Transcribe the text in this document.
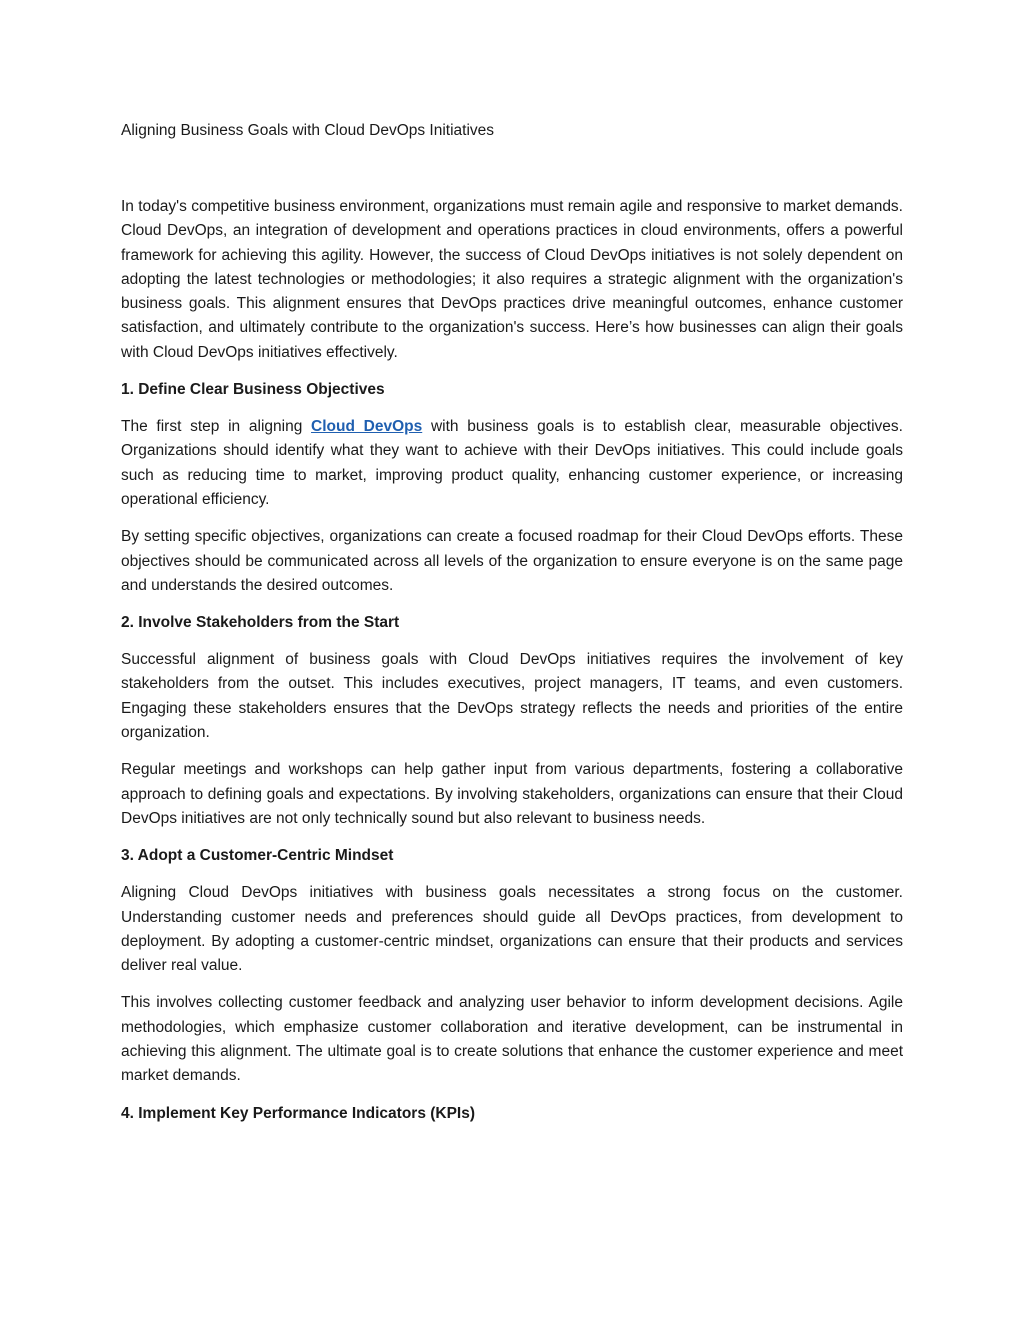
Aligning Business Goals with Cloud DevOps Initiatives

In today's competitive business environment, organizations must remain agile and responsive to market demands. Cloud DevOps, an integration of development and operations practices in cloud environments, offers a powerful framework for achieving this agility. However, the success of Cloud DevOps initiatives is not solely dependent on adopting the latest technologies or methodologies; it also requires a strategic alignment with the organization's business goals. This alignment ensures that DevOps practices drive meaningful outcomes, enhance customer satisfaction, and ultimately contribute to the organization's success. Here’s how businesses can align their goals with Cloud DevOps initiatives effectively.

1. Define Clear Business Objectives

The first step in aligning Cloud DevOps with business goals is to establish clear, measurable objectives. Organizations should identify what they want to achieve with their DevOps initiatives. This could include goals such as reducing time to market, improving product quality, enhancing customer experience, or increasing operational efficiency.

By setting specific objectives, organizations can create a focused roadmap for their Cloud DevOps efforts. These objectives should be communicated across all levels of the organization to ensure everyone is on the same page and understands the desired outcomes.

2. Involve Stakeholders from the Start

Successful alignment of business goals with Cloud DevOps initiatives requires the involvement of key stakeholders from the outset. This includes executives, project managers, IT teams, and even customers. Engaging these stakeholders ensures that the DevOps strategy reflects the needs and priorities of the entire organization.

Regular meetings and workshops can help gather input from various departments, fostering a collaborative approach to defining goals and expectations. By involving stakeholders, organizations can ensure that their Cloud DevOps initiatives are not only technically sound but also relevant to business needs.

3. Adopt a Customer-Centric Mindset

Aligning Cloud DevOps initiatives with business goals necessitates a strong focus on the customer. Understanding customer needs and preferences should guide all DevOps practices, from development to deployment. By adopting a customer-centric mindset, organizations can ensure that their products and services deliver real value.

This involves collecting customer feedback and analyzing user behavior to inform development decisions. Agile methodologies, which emphasize customer collaboration and iterative development, can be instrumental in achieving this alignment. The ultimate goal is to create solutions that enhance the customer experience and meet market demands.

4. Implement Key Performance Indicators (KPIs)
